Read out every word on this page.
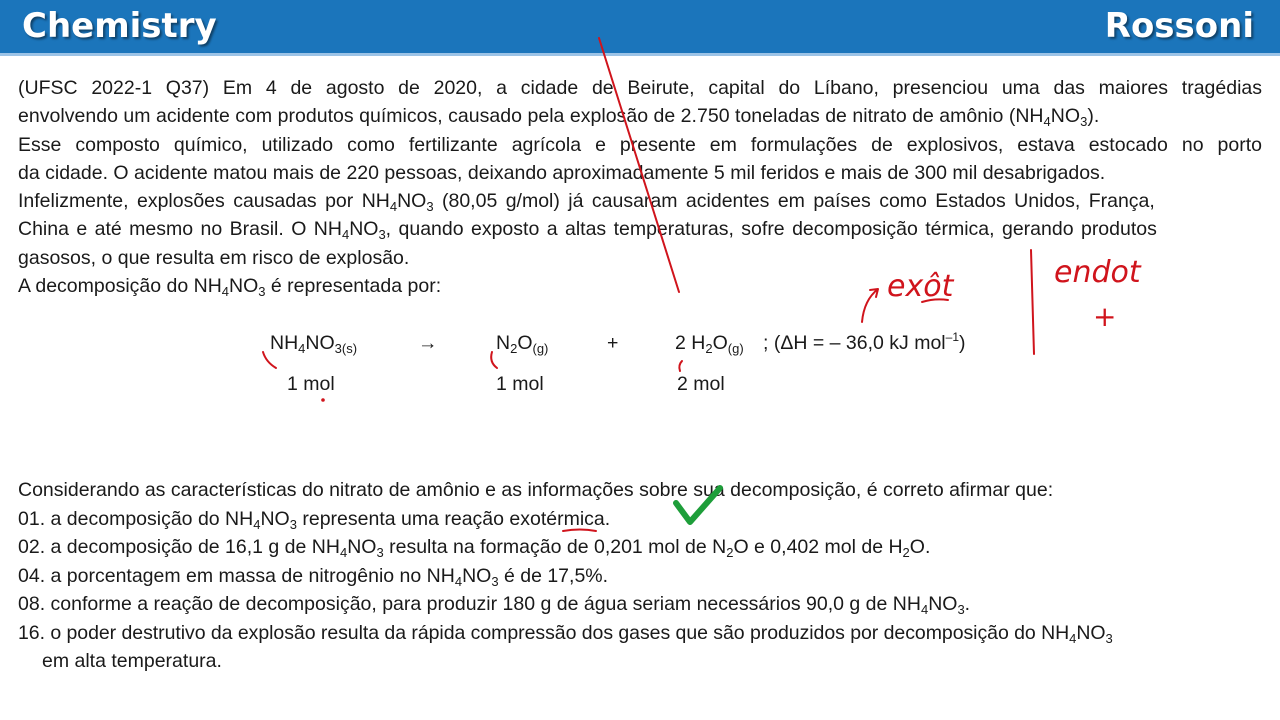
Chemistry	Rossoni
(UFSC 2022-1 Q37) Em 4 de agosto de 2020, a cidade de Beirute, capital do Líbano, presenciou uma das maiores tragédias
envolvendo um acidente com produtos químicos, causado pela explosão de 2.750 toneladas de nitrato de amônio $(NH_4NO_3)$.
Esse composto químico, utilizado como fertilizante agrícola e presente em formulações de explosivos, estava estocado no porto
da cidade. O acidente matou mais de 220 pessoas, deixando aproximadamente 5 mil feridos e mais de 300 mil desabrigados.
Infelizmente, explosões causadas por $NH_4NO_3$ (80,05 g/mol) já causaram acidentes em países como Estados Unidos, França,
China e até mesmo no Brasil. O $NH_4NO_3$, quando exposto a altas temperaturas, sofre decomposição térmica, gerando produtos
gasosos, o que resulta em risco de explosão.
A decomposição do $NH_4NO_3$ é representada por:
$NH_4NO_{3(s)}$	→	$N_2O_{(g)}$	+	2 $H_2O_{(g)}$ ; (ΔH = – 36,0 kJ mol$^{-1}$)
1 mol	1 mol	2 mol
Considerando as características do nitrato de amônio e as informações sobre sua decomposição, é correto afirmar que:
01. a decomposição do $NH_4NO_3$ representa uma reação exotérmica.
02. a decomposição de 16,1 g de $NH_4NO_3$ resulta na formação de 0,201 mol de $N_2O$ e 0,402 mol de $H_2O$.
04. a porcentagem em massa de nitrogênio no $NH_4NO_3$ é de 17,5%.
08. conforme a reação de decomposição, para produzir 180 g de água seriam necessários 90,0 g de $NH_4NO_3$.
16. o poder destrutivo da explosão resulta da rápida compressão dos gases que são produzidos por decomposição do $NH_4NO_3$
em alta temperatura.
exôt	endot
+
